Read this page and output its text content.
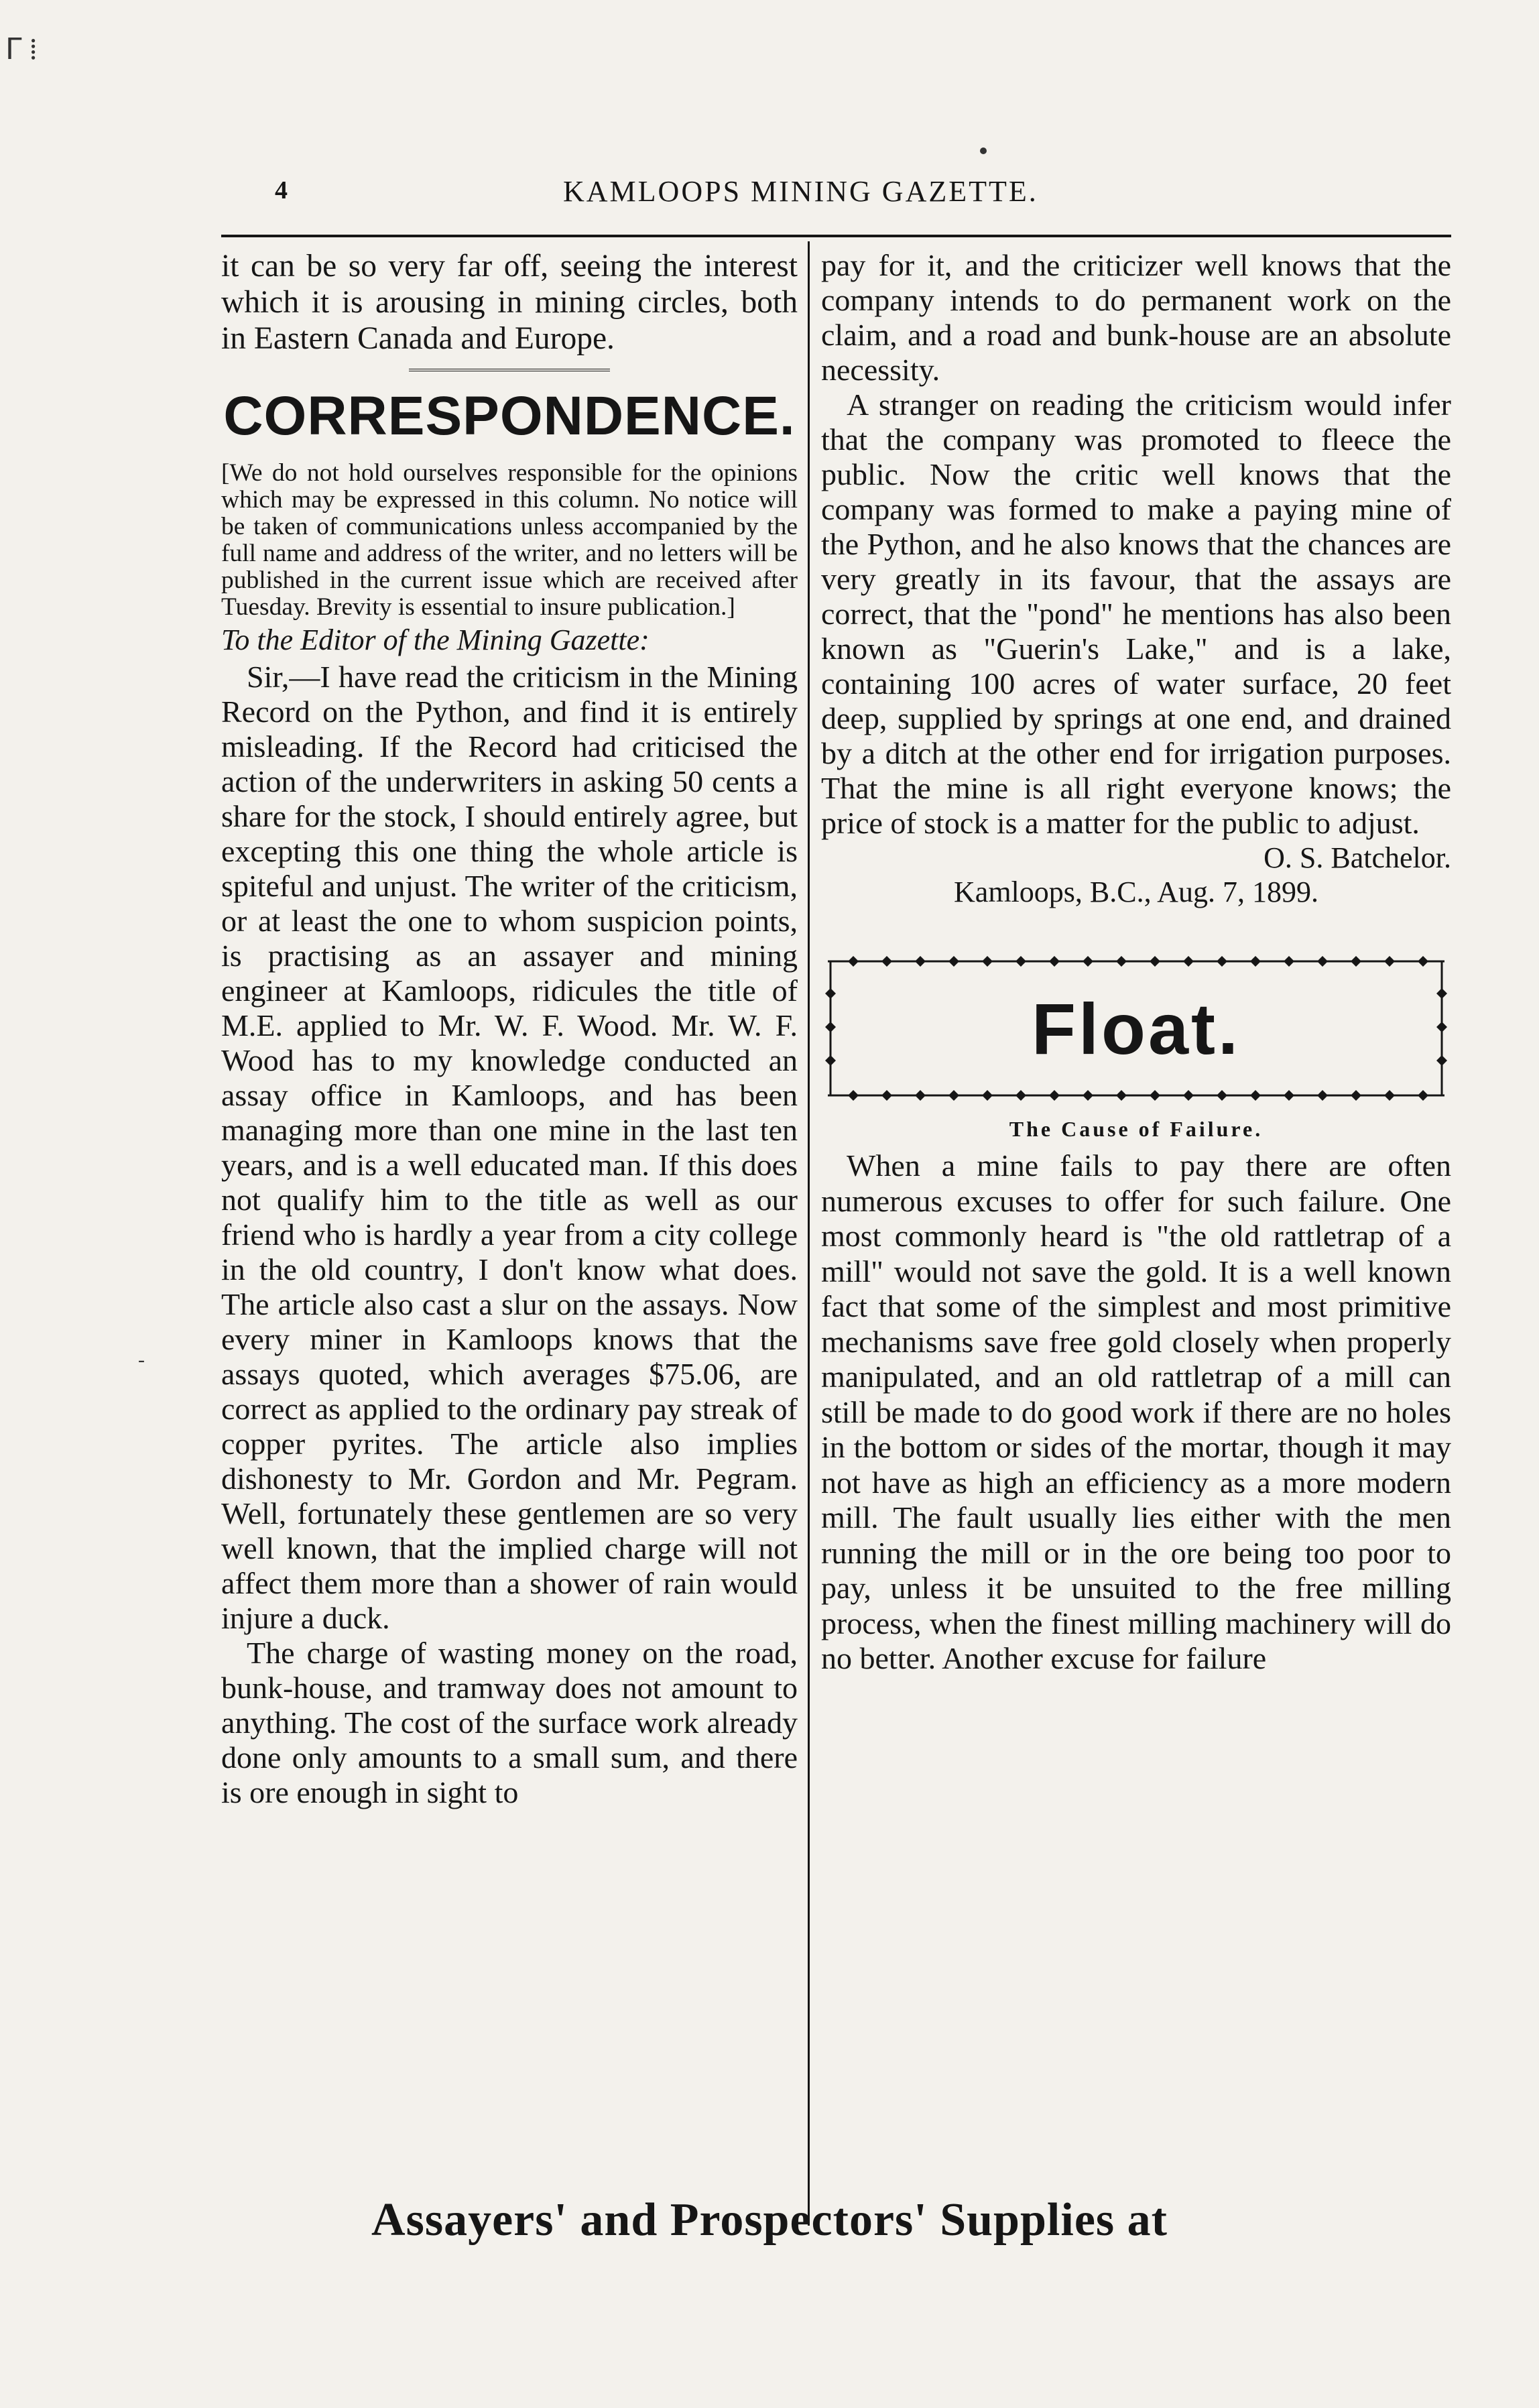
ᒥ ⁞
-
4	KAMLOOPS MINING GAZETTE.

it can be so very far off, seeing the interest which it is arousing in mining circles, both in Eastern Canada and Europe.

CORRESPONDENCE.

[We do not hold ourselves responsible for the opinions which may be expressed in this column. No notice will be taken of communications unless accompanied by the full name and address of the writer, and no letters will be published in the current issue which are received after Tuesday. Brevity is essential to insure publication.]

To the Editor of the Mining Gazette:

Sir,—I have read the criticism in the Mining Record on the Python, and find it is entirely misleading. If the Record had criticised the action of the underwriters in asking 50 cents a share for the stock, I should entirely agree, but excepting this one thing the whole article is spiteful and unjust. The writer of the criticism, or at least the one to whom suspicion points, is practising as an assayer and mining engineer at Kamloops, ridicules the title of M.E. applied to Mr. W. F. Wood. Mr. W. F. Wood has to my knowledge conducted an assay office in Kamloops, and has been managing more than one mine in the last ten years, and is a well educated man. If this does not qualify him to the title as well as our friend who is hardly a year from a city college in the old country, I don't know what does. The article also cast a slur on the assays. Now every miner in Kamloops knows that the assays quoted, which averages $75.06, are correct as applied to the ordinary pay streak of copper pyrites. The article also implies dishonesty to Mr. Gordon and Mr. Pegram. Well, fortunately these gentlemen are so very well known, that the implied charge will not affect them more than a shower of rain would injure a duck.

The charge of wasting money on the road, bunk-house, and tramway does not amount to anything. The cost of the surface work already done only amounts to a small sum, and there is ore enough in sight to

pay for it, and the criticizer well knows that the company intends to do permanent work on the claim, and a road and bunk-house are an absolute necessity.

A stranger on reading the criticism would infer that the company was promoted to fleece the public. Now the critic well knows that the company was formed to make a paying mine of the Python, and he also knows that the chances are very greatly in its favour, that the assays are correct, that the "pond" he mentions has also been known as "Guerin's Lake," and is a lake, containing 100 acres of water surface, 20 feet deep, supplied by springs at one end, and drained by a ditch at the other end for irrigation purposes. That the mine is all right everyone knows; the price of stock is a matter for the public to adjust.

O. S. Batchelor.

Kamloops, B.C., Aug. 7, 1899.

Float.
The Cause of Failure.

When a mine fails to pay there are often numerous excuses to offer for such failure. One most commonly heard is "the old rattletrap of a mill" would not save the gold. It is a well known fact that some of the simplest and most primitive mechanisms save free gold closely when properly manipulated, and an old rattletrap of a mill can still be made to do good work if there are no holes in the bottom or sides of the mortar, though it may not have as high an efficiency as a more modern mill. The fault usually lies either with the men running the mill or in the ore being too poor to pay, unless it be unsuited to the free milling process, when the finest milling machinery will do no better. Another excuse for failure

Assayers' and Prospectors' Supplies at
